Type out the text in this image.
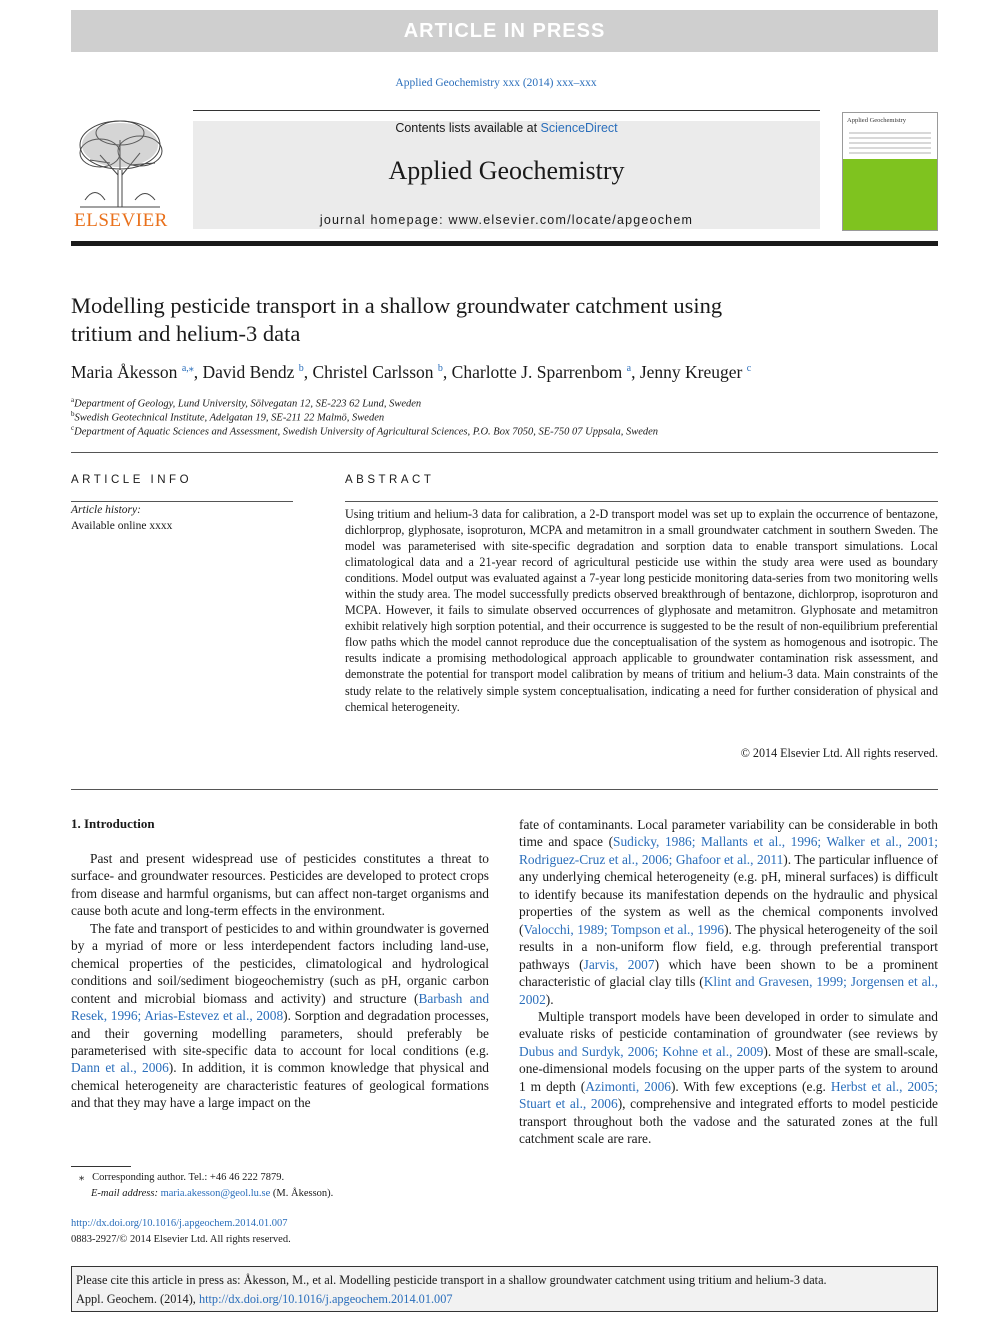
ARTICLE IN PRESS
Applied Geochemistry xxx (2014) xxx–xxx
ELSEVIER
Contents lists available at ScienceDirect
Applied Geochemistry
journal homepage: www.elsevier.com/locate/apgeochem
Applied Geochemistry
Modelling pesticide transport in a shallow groundwater catchment using
tritium and helium-3 data
Maria Åkesson $^{a,⁎}$, David Bendz $^b$, Christel Carlsson $^b$, Charlotte J. Sparrenbom $^a$, Jenny Kreuger $^c$
$^a$Department of Geology, Lund University, Sölvegatan 12, SE-223 62 Lund, Sweden
$^b$Swedish Geotechnical Institute, Adelgatan 19, SE-211 22 Malmö, Sweden
$^c$Department of Aquatic Sciences and Assessment, Swedish University of Agricultural Sciences, P.O. Box 7050, SE-750 07 Uppsala, Sweden
ARTICLE INFO
Article history:
Available online xxxx
ABSTRACT
Using tritium and helium-3 data for calibration, a 2-D transport model was set up to explain the occurrence of bentazone, dichlorprop, glyphosate, isoproturon, MCPA and metamitron in a small groundwater catchment in southern Sweden. The model was parameterised with site-specific degradation and sorption data to enable transport simulations. Local climatological data and a 21-year record of agricultural pesticide use within the study area were used as boundary conditions. Model output was evaluated against a 7-year long pesticide monitoring data-series from two monitoring wells within the study area. The model successfully predicts observed breakthrough of bentazone, dichlorprop, isoproturon and MCPA. However, it fails to simulate observed occurrences of glyphosate and metamitron. Glyphosate and metamitron exhibit relatively high sorption potential, and their occurrence is suggested to be the result of non-equilibrium preferential flow paths which the model cannot reproduce due the conceptualisation of the system as homogenous and isotropic. The results indicate a promising methodological approach applicable to groundwater contamination risk assessment, and demonstrate the potential for transport model calibration by means of tritium and helium-3 data. Main constraints of the study relate to the relatively simple system conceptualisation, indicating a need for further consideration of physical and chemical heterogeneity.
© 2014 Elsevier Ltd. All rights reserved.
1. Introduction

Past and present widespread use of pesticides constitutes a threat to surface- and groundwater resources. Pesticides are developed to protect crops from disease and harmful organisms, but can affect non-target organisms and cause both acute and long-term effects in the environment.

The fate and transport of pesticides to and within groundwater is governed by a myriad of more or less interdependent factors including land-use, chemical properties of the pesticides, climatological and hydrological conditions and soil/sediment biogeochemistry (such as pH, organic carbon content and microbial biomass and activity) and structure (Barbash and Resek, 1996; Arias-Estevez et al., 2008). Sorption and degradation processes, and their governing modelling parameters, should preferably be parameterised with site-specific data to account for local conditions (e.g. Dann et al., 2006). In addition, it is common knowledge that physical and chemical heterogeneity are characteristic features of geological formations and that they may have a large impact on the

fate of contaminants. Local parameter variability can be considerable in both time and space (Sudicky, 1986; Mallants et al., 1996; Walker et al., 2001; Rodriguez-Cruz et al., 2006; Ghafoor et al., 2011). The particular influence of any underlying chemical heterogeneity (e.g. pH, mineral surfaces) is difficult to identify because its manifestation depends on the hydraulic and physical properties of the system as well as the chemical components involved (Valocchi, 1989; Tompson et al., 1996). The physical heterogeneity of the soil results in a non-uniform flow field, e.g. through preferential transport pathways (Jarvis, 2007) which have been shown to be a prominent characteristic of glacial clay tills (Klint and Gravesen, 1999; Jorgensen et al., 2002).

Multiple transport models have been developed in order to simulate and evaluate risks of pesticide contamination of groundwater (see reviews by Dubus and Surdyk, 2006; Kohne et al., 2009). Most of these are small-scale, one-dimensional models focusing on the upper parts of the system to around 1 m depth (Azimonti, 2006). With few exceptions (e.g. Herbst et al., 2005; Stuart et al., 2006), comprehensive and integrated efforts to model pesticide transport throughout both the vadose and the saturated zones at the full catchment scale are rare.

⁎ Corresponding author. Tel.: +46 46 222 7879.
E-mail address: maria.akesson@geol.lu.se (M. Åkesson).
http://dx.doi.org/10.1016/j.apgeochem.2014.01.007
0883-2927/© 2014 Elsevier Ltd. All rights reserved.
Please cite this article in press as: Åkesson, M., et al. Modelling pesticide transport in a shallow groundwater catchment using tritium and helium-3 data.
Appl. Geochem. (2014), http://dx.doi.org/10.1016/j.apgeochem.2014.01.007
